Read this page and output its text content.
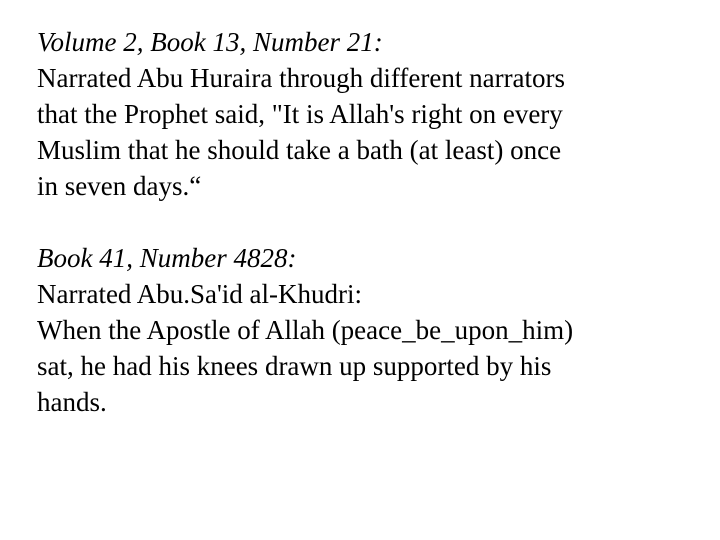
Volume 2, Book 13, Number 21:
Narrated Abu Huraira through different narrators
that the Prophet said, "It is Allah's right on every
Muslim that he should take a bath (at least) once
in seven days.“
Book 41, Number 4828:
Narrated Abu.Sa'id al-Khudri:
When the Apostle of Allah (peace_be_upon_him)
sat, he had his knees drawn up supported by his
hands.
